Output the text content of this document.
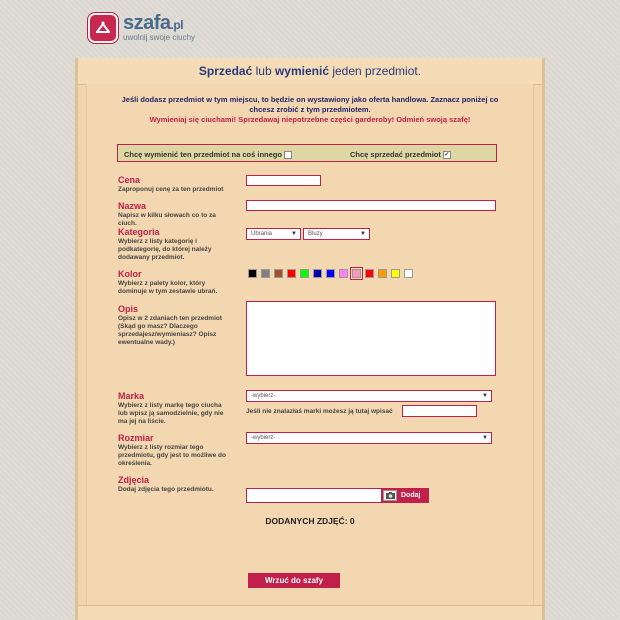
szafa.pl
uwolnij swoje ciuchy
Sprzedać lub wymienić jeden przedmiot.
Jeśli dodasz przedmiot w tym miejscu, to będzie on wystawiony jako oferta handlowa. Zaznacz poniżej co chcesz zrobić z tym przedmiotem.
Wymieniaj się ciuchami! Sprzedawaj niepotrzebne części garderoby! Odmień swoją szafę!
Chcę wymienić ten przedmiot na coś innego	Chcę sprzedać przedmiot ✓
Cena
Zaproponuj cenę za ten przedmiot
Nazwa
Napisz w kilku słowach co to za ciuch.
Kategoria
Wybierz z listy kategorię i podkategorię, do której należy dodawany przedmiot.
Ubrania	▼	Bluzy	▼
Kolor
Wybierz z palety kolor, który dominuje w tym zestawie ubrań.
Opis
Opisz w 2 zdaniach ten przedmiot (Skąd go masz? Dlaczego sprzedajesz/wymieniasz? Opisz ewentualne wady.)
Marka
Wybierz z listy markę tego ciucha lub wpisz ją samodzielnie, gdy nie ma jej na liście.
-wybierz-	▼
Jeśli nie znalazłaś marki możesz ją tutaj wpisać
Rozmiar
Wybierz z listy rozmiar tego przedmiotu, gdy jest to możliwe do określenia.
-wybierz-	▼
Zdjęcia
Dodaj zdjęcia tego przedmiotu.
Dodaj
DODANYCH ZDJĘĆ: 0
Wrzuć do szafy
